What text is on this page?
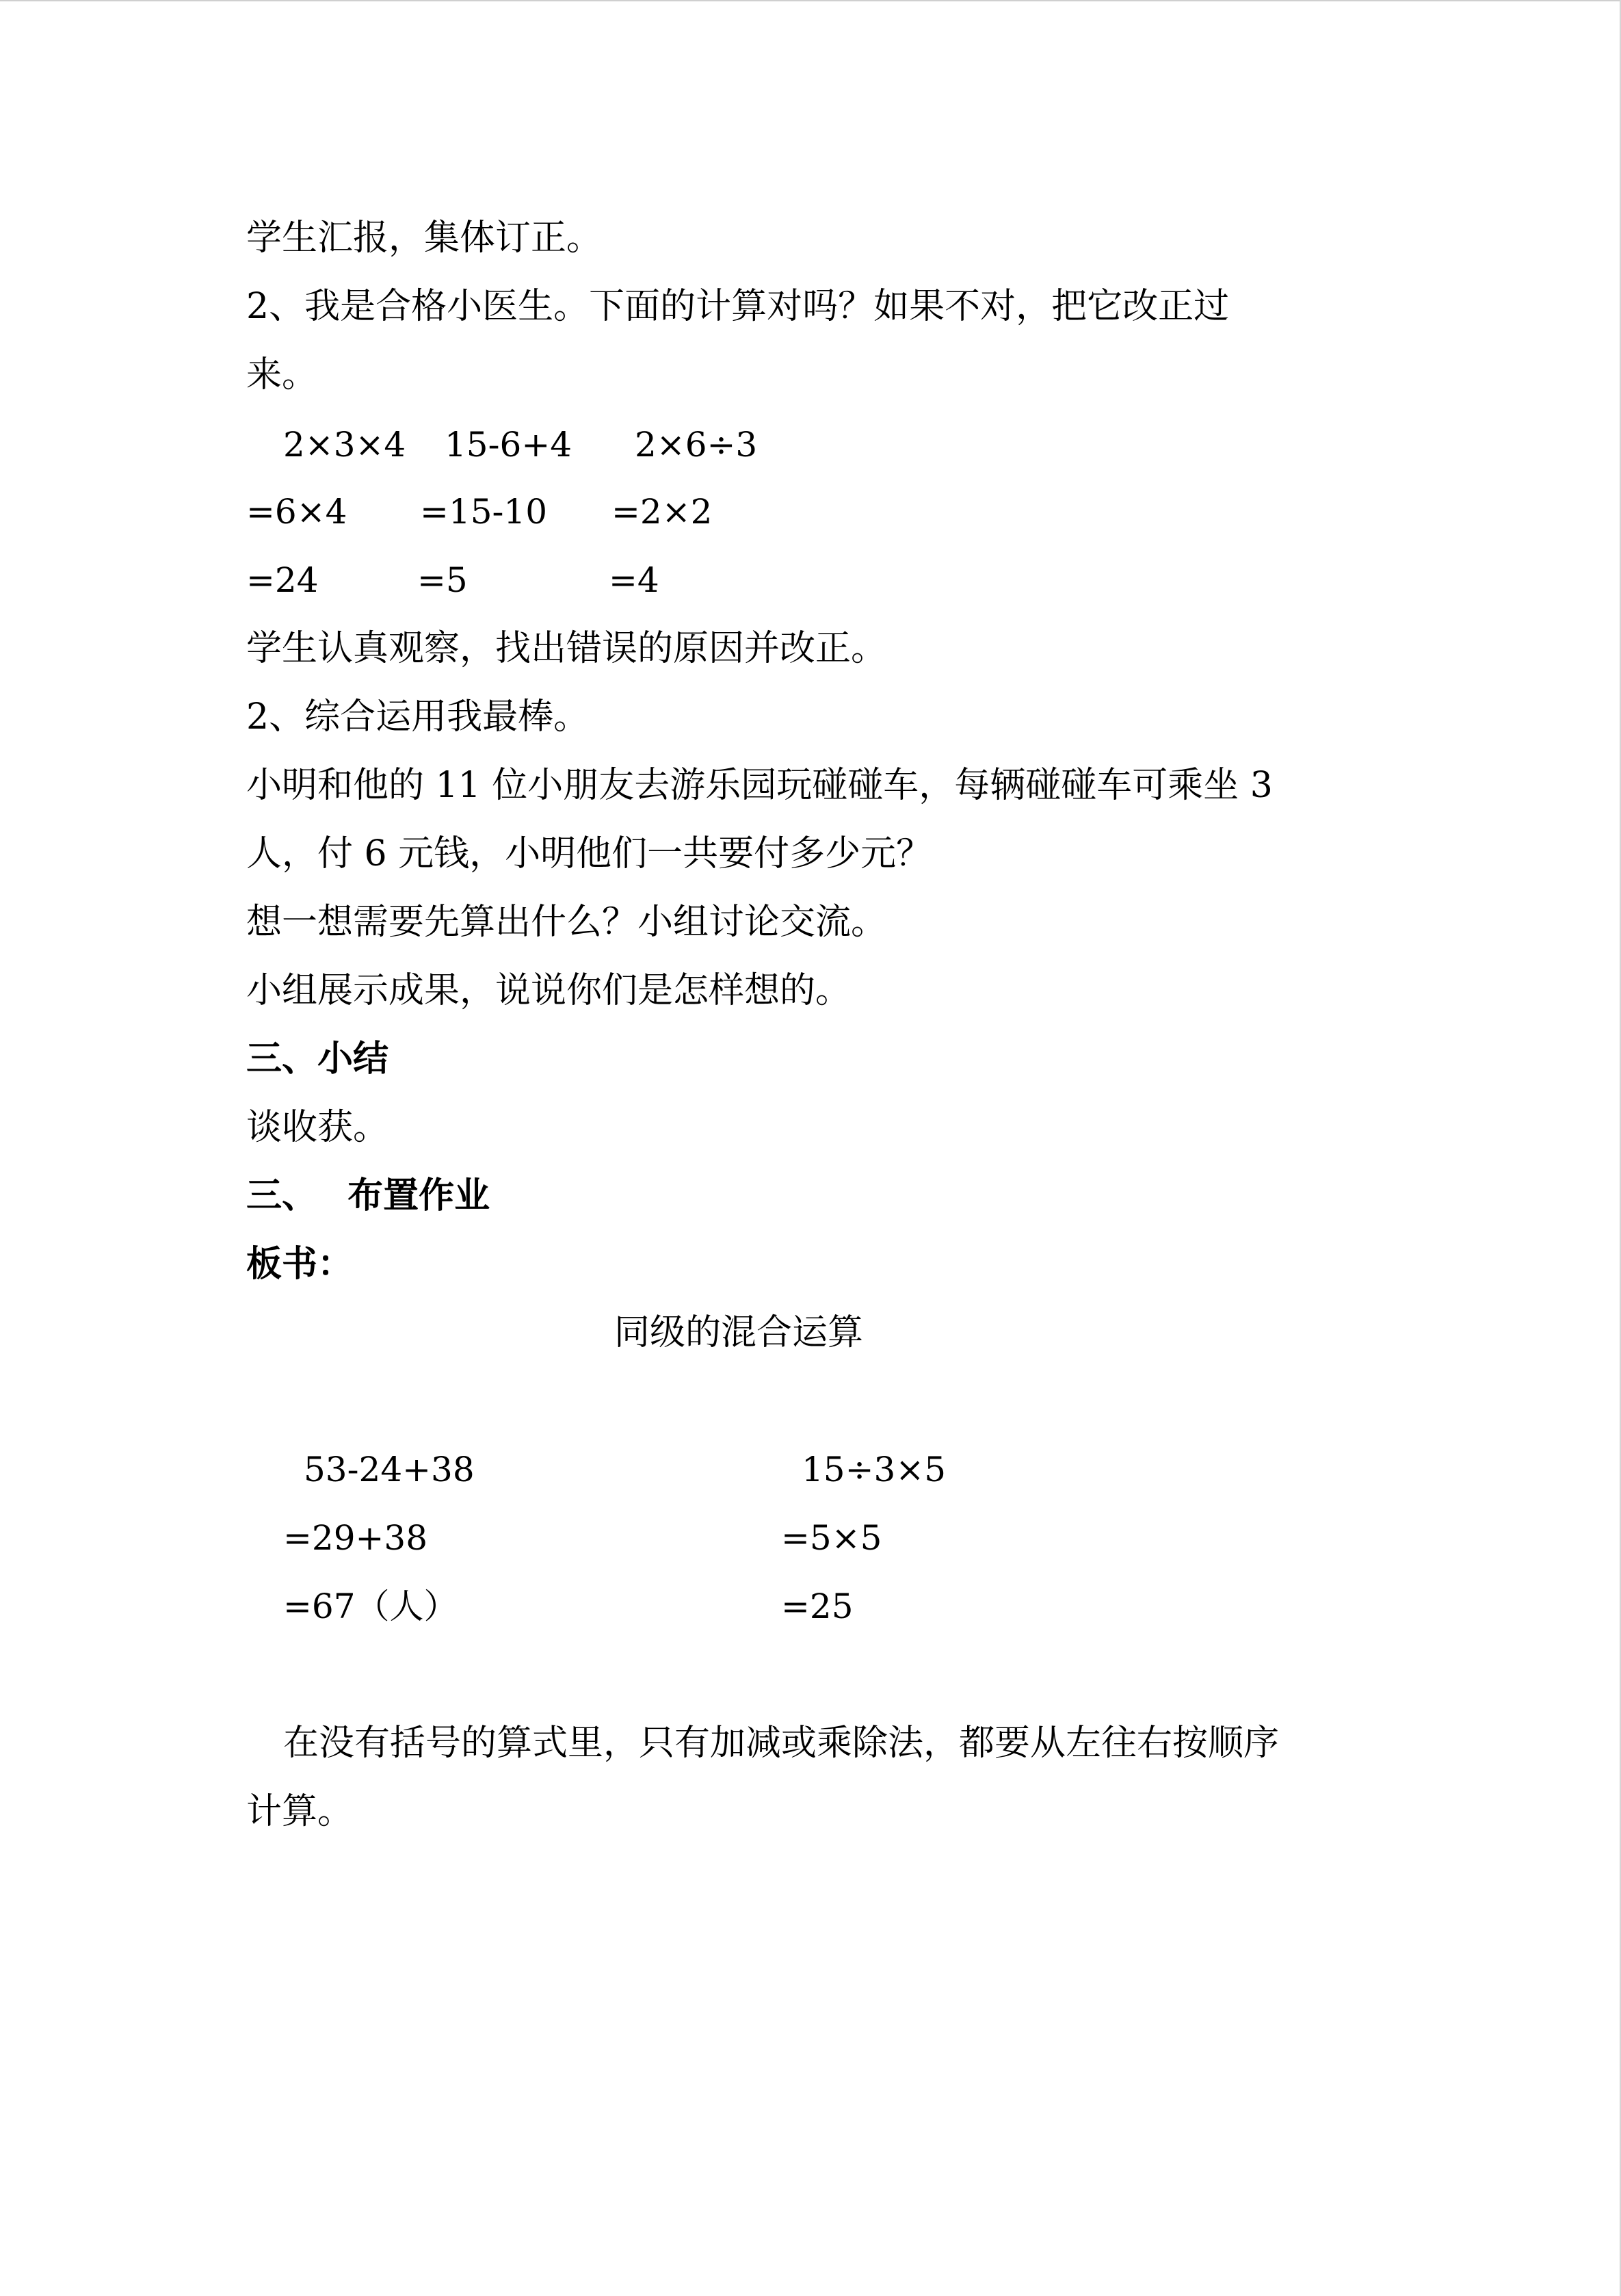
学生汇报，集体订正。
2、我是合格小医生。下面的计算对吗？如果不对，把它改正过
来。
2×3×4 15-6+4 2×6÷3
=6×4 =15-10 =2×2
=24	=5	=4
学生认真观察，找出错误的原因并改正。
2、综合运用我最棒。
小明和他的 11 位小朋友去游乐园玩碰碰车，每辆碰碰车可乘坐 3
人，付 6 元钱，小明他们一共要付多少元？
想一想需要先算出什么？小组讨论交流。
小组展示成果，说说你们是怎样想的。
三、小结
谈收获。
三、　 布置作业
板书：
同级的混合运算
53-24+38
=29+38
=67（人）
15÷3×5
=5×5
=25
在没有括号的算式里，只有加减或乘除法，都要从左往右按顺序
计算。
